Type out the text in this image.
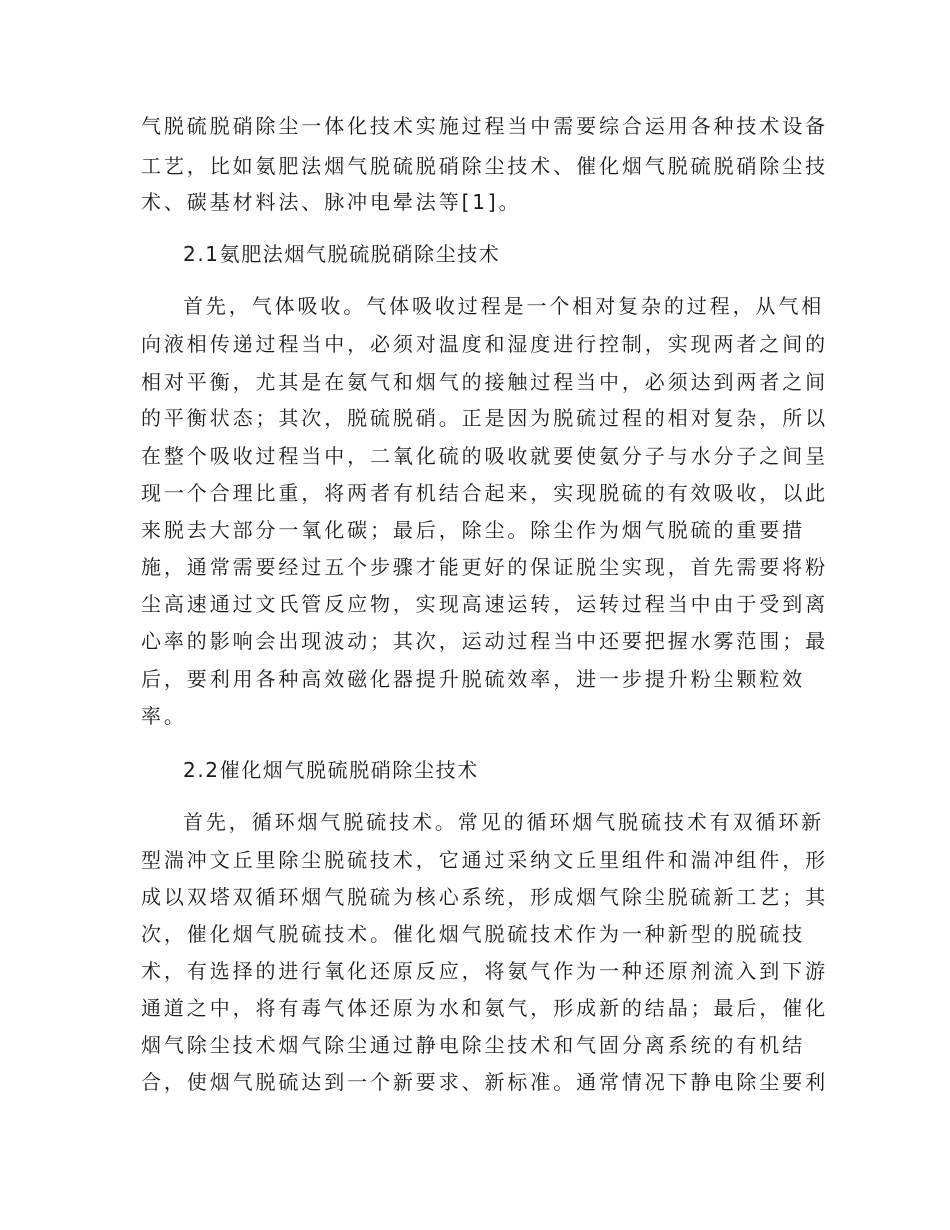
气脱硫脱硝除尘一体化技术实施过程当中需要综合运用各种技术设备

工艺，比如氨肥法烟气脱硫脱硝除尘技术、催化烟气脱硫脱硝除尘技

术、碳基材料法、脉冲电晕法等[1]。

2.1氨肥法烟气脱硫脱硝除尘技术

首先，气体吸收。气体吸收过程是一个相对复杂的过程，从气相

向液相传递过程当中，必须对温度和湿度进行控制，实现两者之间的

相对平衡，尤其是在氨气和烟气的接触过程当中，必须达到两者之间

的平衡状态；其次，脱硫脱硝。正是因为脱硫过程的相对复杂，所以

在整个吸收过程当中，二氧化硫的吸收就要使氨分子与水分子之间呈

现一个合理比重，将两者有机结合起来，实现脱硫的有效吸收，以此

来脱去大部分一氧化碳；最后，除尘。除尘作为烟气脱硫的重要措

施，通常需要经过五个步骤才能更好的保证脱尘实现，首先需要将粉

尘高速通过文氏管反应物，实现高速运转，运转过程当中由于受到离

心率的影响会出现波动；其次，运动过程当中还要把握水雾范围；最

后，要利用各种高效磁化器提升脱硫效率，进一步提升粉尘颗粒效

率。

2.2催化烟气脱硫脱硝除尘技术

首先，循环烟气脱硫技术。常见的循环烟气脱硫技术有双循环新

型湍冲文丘里除尘脱硫技术，它通过采纳文丘里组件和湍冲组件，形

成以双塔双循环烟气脱硫为核心系统，形成烟气除尘脱硫新工艺；其

次，催化烟气脱硫技术。催化烟气脱硫技术作为一种新型的脱硫技

术，有选择的进行氧化还原反应，将氨气作为一种还原剂流入到下游

通道之中，将有毒气体还原为水和氨气，形成新的结晶；最后，催化

烟气除尘技术烟气除尘通过静电除尘技术和气固分离系统的有机结

合，使烟气脱硫达到一个新要求、新标准。通常情况下静电除尘要利
